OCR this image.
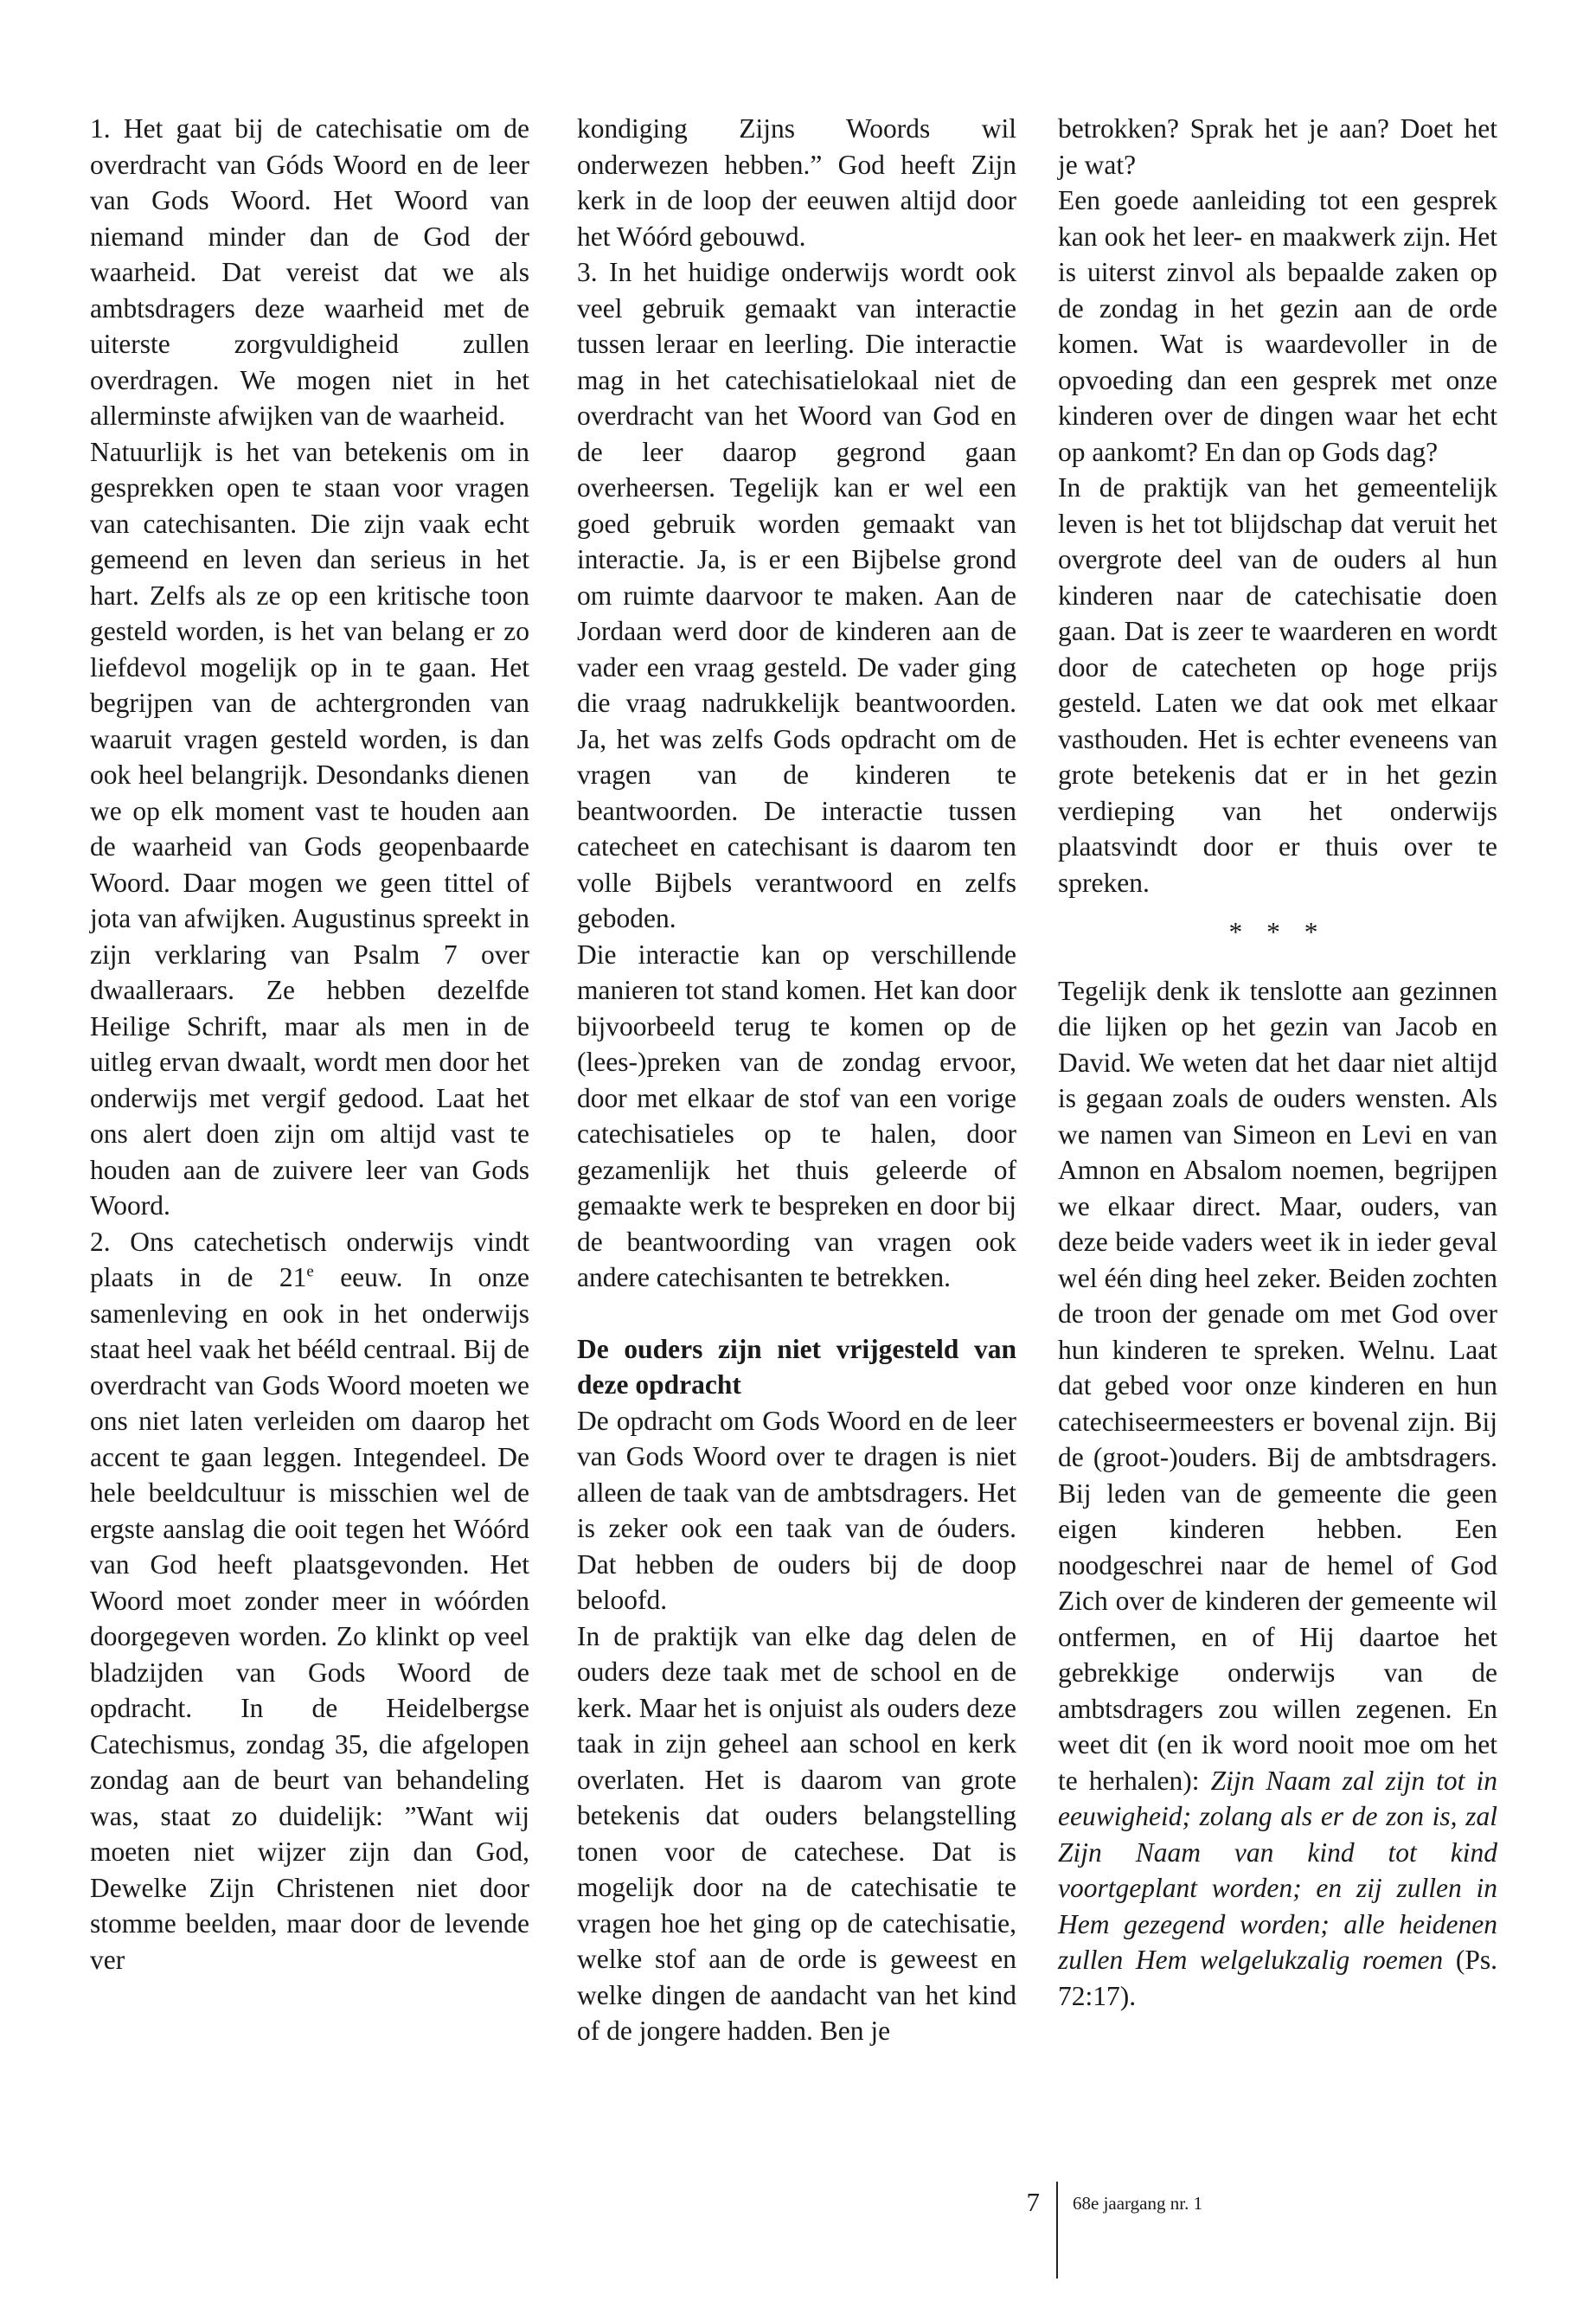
1. Het gaat bij de catechisatie om de overdracht van Góds Woord en de leer van Gods Woord. Het Woord van niemand minder dan de God der waarheid. Dat vereist dat we als ambtsdragers deze waarheid met de uiterste zorgvuldigheid zullen overdragen. We mogen niet in het allerminste afwijken van de waarheid.

Natuurlijk is het van betekenis om in gesprekken open te staan voor vragen van catechisanten. Die zijn vaak echt gemeend en leven dan serieus in het hart. Zelfs als ze op een kritische toon gesteld worden, is het van belang er zo liefdevol mogelijk op in te gaan. Het begrijpen van de achtergronden van waaruit vragen gesteld worden, is dan ook heel belangrijk. Desondanks dienen we op elk moment vast te houden aan de waarheid van Gods geopenbaarde Woord. Daar mogen we geen tittel of jota van afwijken. Augustinus spreekt in zijn verklaring van Psalm 7 over dwaalleraars. Ze hebben dezelfde Heilige Schrift, maar als men in de uitleg ervan dwaalt, wordt men door het onderwijs met vergif gedood. Laat het ons alert doen zijn om altijd vast te houden aan de zuivere leer van Gods Woord.

2. Ons catechetisch onderwijs vindt plaats in de 21e eeuw. In onze samenleving en ook in het onderwijs staat heel vaak het bééld centraal. Bij de overdracht van Gods Woord moeten we ons niet laten verleiden om daarop het accent te gaan leggen. Integendeel. De hele beeldcultuur is misschien wel de ergste aanslag die ooit tegen het Wóórd van God heeft plaatsgevonden. Het Woord moet zonder meer in wóórden doorgegeven worden. Zo klinkt op veel bladzijden van Gods Woord de opdracht. In de Heidelbergse Catechismus, zondag 35, die afgelopen zondag aan de beurt van behandeling was, staat zo duidelijk: ”Want wij moeten niet wijzer zijn dan God, Dewelke Zijn Christenen niet door stomme beelden, maar door de levende ver

kondiging Zijns Woords wil onderwezen hebben.” God heeft Zijn kerk in de loop der eeuwen altijd door het Wóórd gebouwd.

3. In het huidige onderwijs wordt ook veel gebruik gemaakt van interactie tussen leraar en leerling. Die interactie mag in het catechisatielokaal niet de overdracht van het Woord van God en de leer daarop gegrond gaan overheersen. Tegelijk kan er wel een goed gebruik worden gemaakt van interactie. Ja, is er een Bijbelse grond om ruimte daarvoor te maken. Aan de Jordaan werd door de kinderen aan de vader een vraag gesteld. De vader ging die vraag nadrukkelijk beantwoorden. Ja, het was zelfs Gods opdracht om de vragen van de kinderen te beantwoorden. De interactie tussen catecheet en catechisant is daarom ten volle Bijbels verantwoord en zelfs geboden.

Die interactie kan op verschillende manieren tot stand komen. Het kan door bijvoorbeeld terug te komen op de (lees-)preken van de zondag ervoor, door met elkaar de stof van een vorige catechisatieles op te halen, door gezamenlijk het thuis geleerde of gemaakte werk te bespreken en door bij de beantwoording van vragen ook andere catechisanten te betrekken.

De ouders zijn niet vrijgesteld van deze opdracht

De opdracht om Gods Woord en de leer van Gods Woord over te dragen is niet alleen de taak van de ambtsdragers. Het is zeker ook een taak van de óuders. Dat hebben de ouders bij de doop beloofd.

In de praktijk van elke dag delen de ouders deze taak met de school en de kerk. Maar het is onjuist als ouders deze taak in zijn geheel aan school en kerk overlaten. Het is daarom van grote betekenis dat ouders belangstelling tonen voor de catechese. Dat is mogelijk door na de catechisatie te vragen hoe het ging op de catechisatie, welke stof aan de orde is geweest en welke dingen de aandacht van het kind of de jongere hadden. Ben je

betrokken? Sprak het je aan? Doet het je wat?

Een goede aanleiding tot een gesprek kan ook het leer- en maakwerk zijn. Het is uiterst zinvol als bepaalde zaken op de zondag in het gezin aan de orde komen. Wat is waardevoller in de opvoeding dan een gesprek met onze kinderen over de dingen waar het echt op aankomt? En dan op Gods dag?

In de praktijk van het gemeentelijk leven is het tot blijdschap dat veruit het overgrote deel van de ouders al hun kinderen naar de catechisatie doen gaan. Dat is zeer te waarderen en wordt door de catecheten op hoge prijs gesteld. Laten we dat ook met elkaar vasthouden. Het is echter eveneens van grote betekenis dat er in het gezin verdieping van het onderwijs plaatsvindt door er thuis over te spreken.

* * *

Tegelijk denk ik tenslotte aan gezinnen die lijken op het gezin van Jacob en David. We weten dat het daar niet altijd is gegaan zoals de ouders wensten. Als we namen van Simeon en Levi en van Amnon en Absalom noemen, begrijpen we elkaar direct. Maar, ouders, van deze beide vaders weet ik in ieder geval wel één ding heel zeker. Beiden zochten de troon der genade om met God over hun kinderen te spreken. Welnu. Laat dat gebed voor onze kinderen en hun catechiseermeesters er bovenal zijn. Bij de (groot-)ouders. Bij de ambtsdragers. Bij leden van de gemeente die geen eigen kinderen hebben. Een noodgeschrei naar de hemel of God Zich over de kinderen der gemeente wil ontfermen, en of Hij daartoe het gebrekkige onderwijs van de ambtsdragers zou willen zegenen. En weet dit (en ik word nooit moe om het te herhalen): Zijn Naam zal zijn tot in eeuwigheid; zolang als er de zon is, zal Zijn Naam van kind tot kind voortgeplant worden; en zij zullen in Hem gezegend worden; alle heidenen zullen Hem welgelukzalig roemen (Ps. 72:17).

7 68e jaargang nr. 1
